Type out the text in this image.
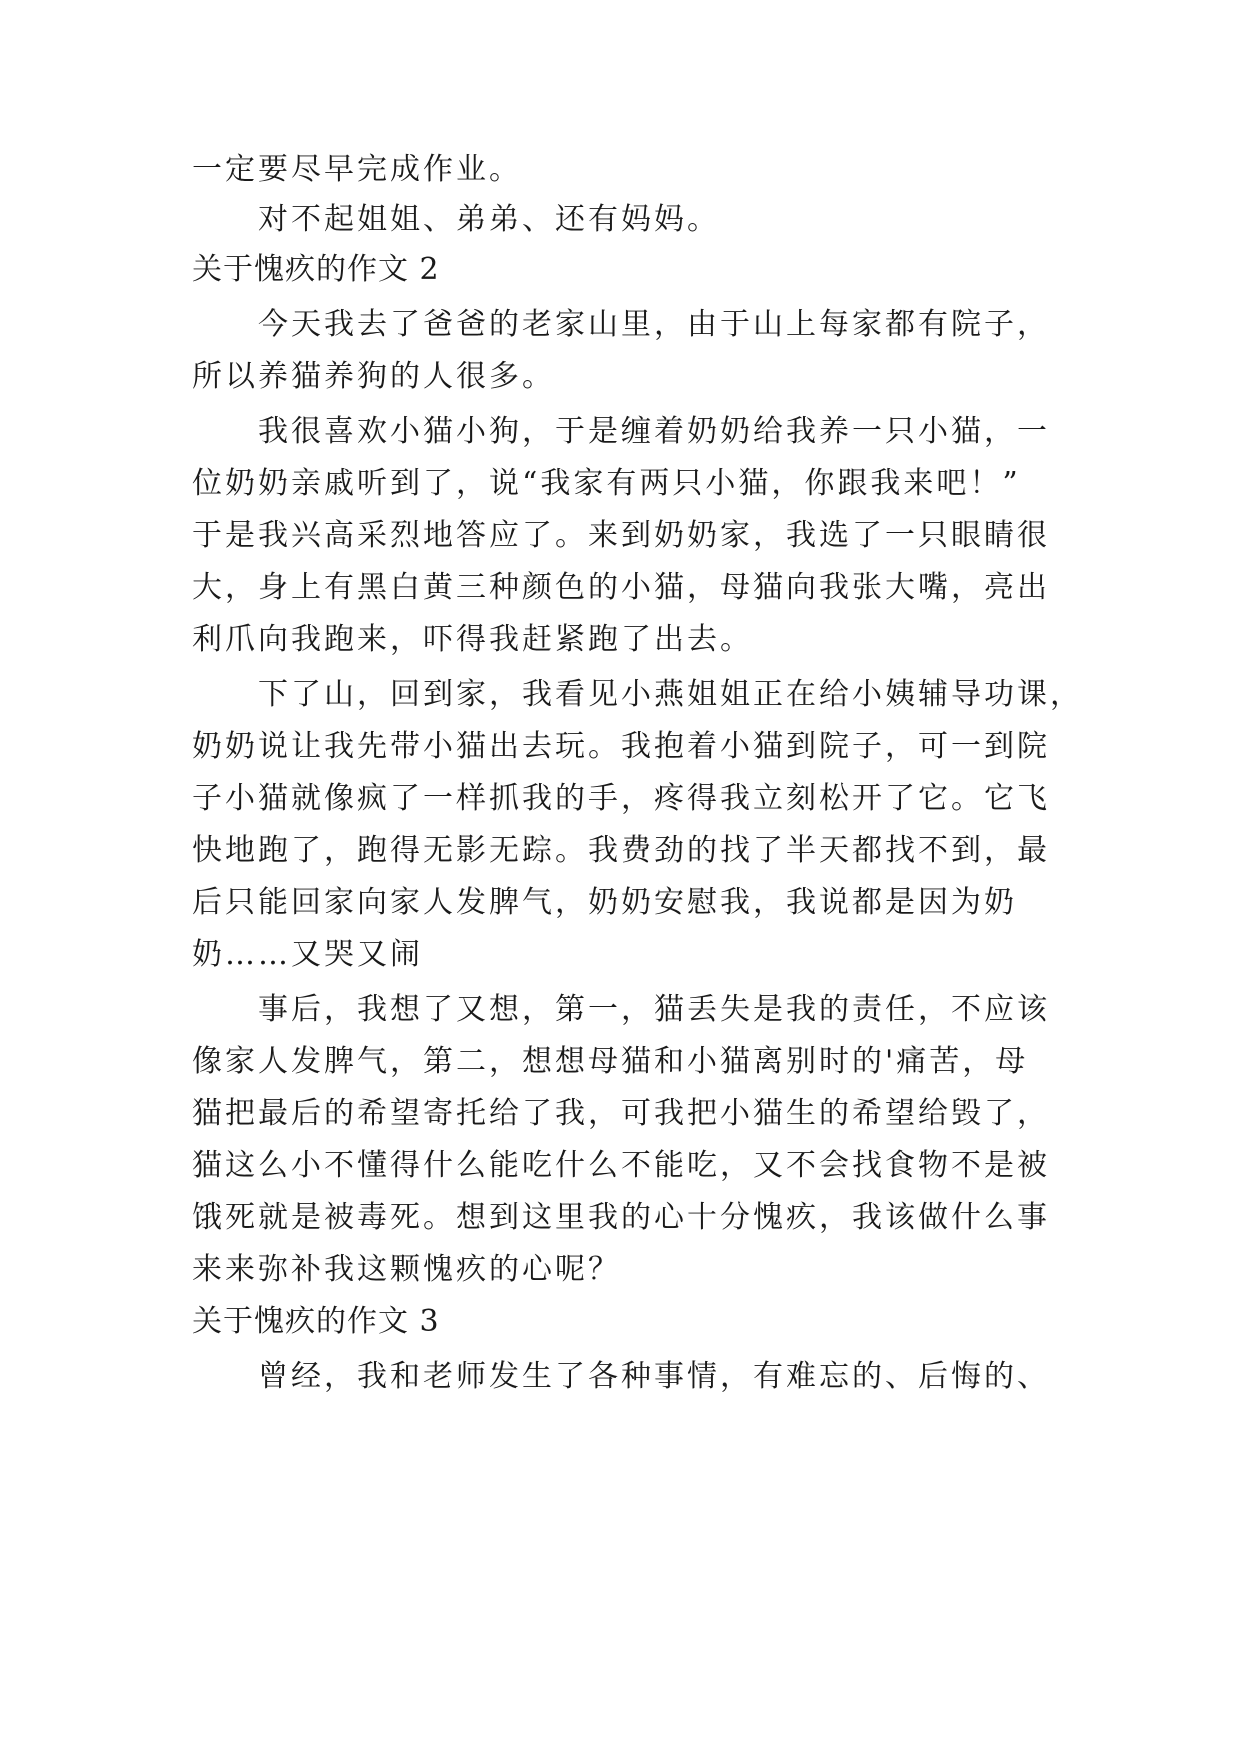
一定要尽早完成作业。
对不起姐姐、弟弟、还有妈妈。
关于愧疚的作文 2
今天我去了爸爸的老家山里，由于山上每家都有院子，
所以养猫养狗的人很多。
我很喜欢小猫小狗，于是缠着奶奶给我养一只小猫，一
位奶奶亲戚听到了，说“我家有两只小猫，你跟我来吧！”
于是我兴高采烈地答应了。来到奶奶家，我选了一只眼睛很
大，身上有黑白黄三种颜色的小猫，母猫向我张大嘴，亮出
利爪向我跑来，吓得我赶紧跑了出去。
下了山，回到家，我看见小燕姐姐正在给小姨辅导功课，
奶奶说让我先带小猫出去玩。我抱着小猫到院子，可一到院
子小猫就像疯了一样抓我的手，疼得我立刻松开了它。它飞
快地跑了，跑得无影无踪。我费劲的找了半天都找不到，最
后只能回家向家人发脾气，奶奶安慰我，我说都是因为奶
奶……又哭又闹
事后，我想了又想，第一，猫丢失是我的责任，不应该
像家人发脾气，第二，想想母猫和小猫离别时的'痛苦，母
猫把最后的希望寄托给了我，可我把小猫生的希望给毁了，
猫这么小不懂得什么能吃什么不能吃，又不会找食物不是被
饿死就是被毒死。想到这里我的心十分愧疚，我该做什么事
来来弥补我这颗愧疚的心呢？
关于愧疚的作文 3
曾经，我和老师发生了各种事情，有难忘的、后悔的、
